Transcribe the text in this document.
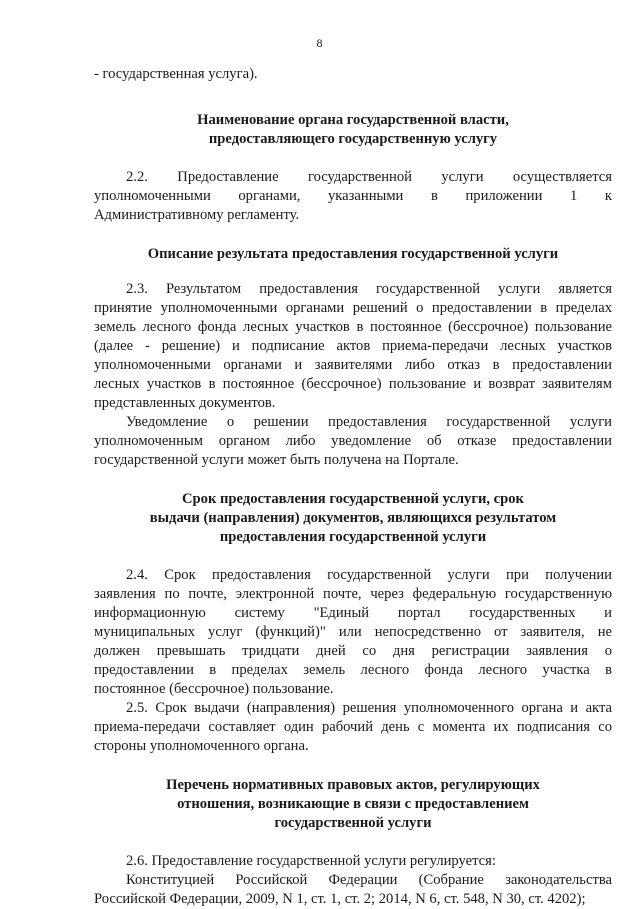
8
- государственная услуга).
Наименование органа государственной власти,
предоставляющего государственную услугу
2.2. Предоставление государственной услуги осуществляется
уполномоченными органами, указанными в приложении 1 к
Административному регламенту.
Описание результата предоставления государственной услуги
2.3. Результатом предоставления государственной услуги является
принятие уполномоченными органами решений о предоставлении в пределах
земель лесного фонда лесных участков в постоянное (бессрочное) пользование
(далее - решение) и подписание актов приема-передачи лесных участков
уполномоченными органами и заявителями либо отказ в предоставлении
лесных участков в постоянное (бессрочное) пользование и возврат заявителям
представленных документов.
Уведомление о решении предоставления государственной услуги
уполномоченным органом либо уведомление об отказе предоставлении
государственной услуги может быть получена на Портале.
Срок предоставления государственной услуги, срок
выдачи (направления) документов, являющихся результатом
предоставления государственной услуги
2.4. Срок предоставления государственной услуги при получении
заявления по почте, электронной почте, через федеральную государственную
информационную систему "Единый портал государственных и
муниципальных услуг (функций)" или непосредственно от заявителя, не
должен превышать тридцати дней со дня регистрации заявления о
предоставлении в пределах земель лесного фонда лесного участка в
постоянное (бессрочное) пользование.
2.5. Срок выдачи (направления) решения уполномоченного органа и акта
приема-передачи составляет один рабочий день с момента их подписания со
стороны уполномоченного органа.
Перечень нормативных правовых актов, регулирующих
отношения, возникающие в связи с предоставлением
государственной услуги
2.6. Предоставление государственной услуги регулируется:
Конституцией Российской Федерации (Собрание законодательства
Российской Федерации, 2009, N 1, ст. 1, ст. 2; 2014, N 6, ст. 548, N 30, ст. 4202);
